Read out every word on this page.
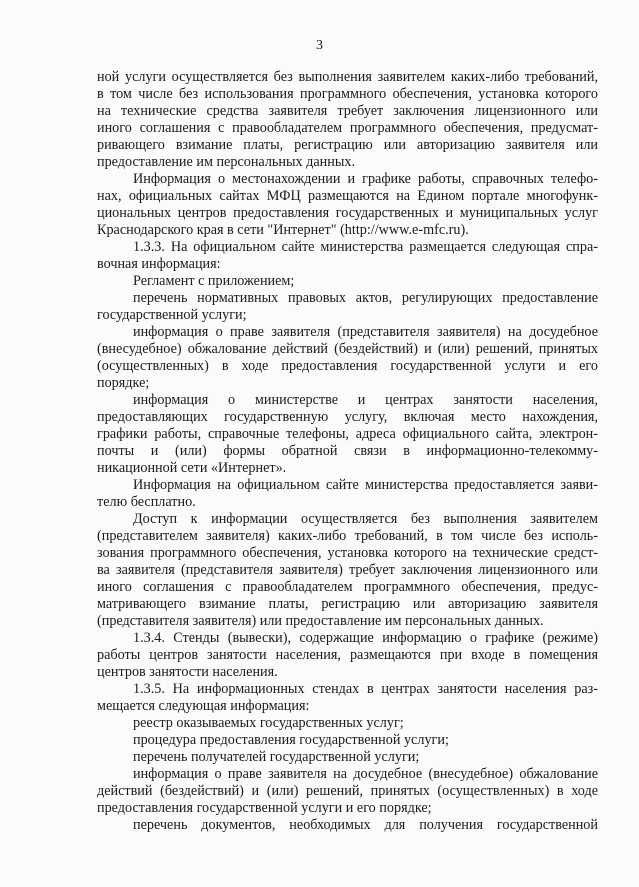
3
ной услуги осуществляется без выполнения заявителем каких-либо требований,
в том числе без использования программного обеспечения, установка которого
на технические средства заявителя требует заключения лицензионного или
иного соглашения с правообладателем программного обеспечения, предусмат-
ривающего взимание платы, регистрацию или авторизацию заявителя или
предоставление им персональных данных.
Информация о местонахождении и графике работы, справочных телефо-
нах, официальных сайтах МФЦ размещаются на Едином портале многофунк-
циональных центров предоставления государственных и муниципальных услуг
Краснодарского края в сети "Интернет" (http://www.e-mfc.ru).
1.3.3. На официальном сайте министерства размещается следующая спра-
вочная информация:
Регламент с приложением;
перечень нормативных правовых актов, регулирующих предоставление
государственной услуги;
информация о праве заявителя (представителя заявителя) на досудебное
(внесудебное) обжалование действий (бездействий) и (или) решений, принятых
(осуществленных) в ходе предоставления государственной услуги и его
порядке;
информация о министерстве и центрах занятости населения,
предоставляющих государственную услугу, включая место нахождения,
графики работы, справочные телефоны, адреса официального сайта, электрон-
почты и (или) формы обратной связи в информационно-телекомму-
никационной сети «Интернет».
Информация на официальном сайте министерства предоставляется заяви-
телю бесплатно.
Доступ к информации осуществляется без выполнения заявителем
(представителем заявителя) каких-либо требований, в том числе без исполь-
зования программного обеспечения, установка которого на технические средст-
ва заявителя (представителя заявителя) требует заключения лицензионного или
иного соглашения с правообладателем программного обеспечения, предус-
матривающего взимание платы, регистрацию или авторизацию заявителя
(представителя заявителя) или предоставление им персональных данных.
1.3.4. Стенды (вывески), содержащие информацию о графике (режиме)
работы центров занятости населения, размещаются при входе в помещения
центров занятости населения.
1.3.5. На информационных стендах в центрах занятости населения раз-
мещается следующая информация:
реестр оказываемых государственных услуг;
процедура предоставления государственной услуги;
перечень получателей государственной услуги;
информация о праве заявителя на досудебное (внесудебное) обжалование
действий (бездействий) и (или) решений, принятых (осуществленных) в ходе
предоставления государственной услуги и его порядке;
перечень документов, необходимых для получения государственной
